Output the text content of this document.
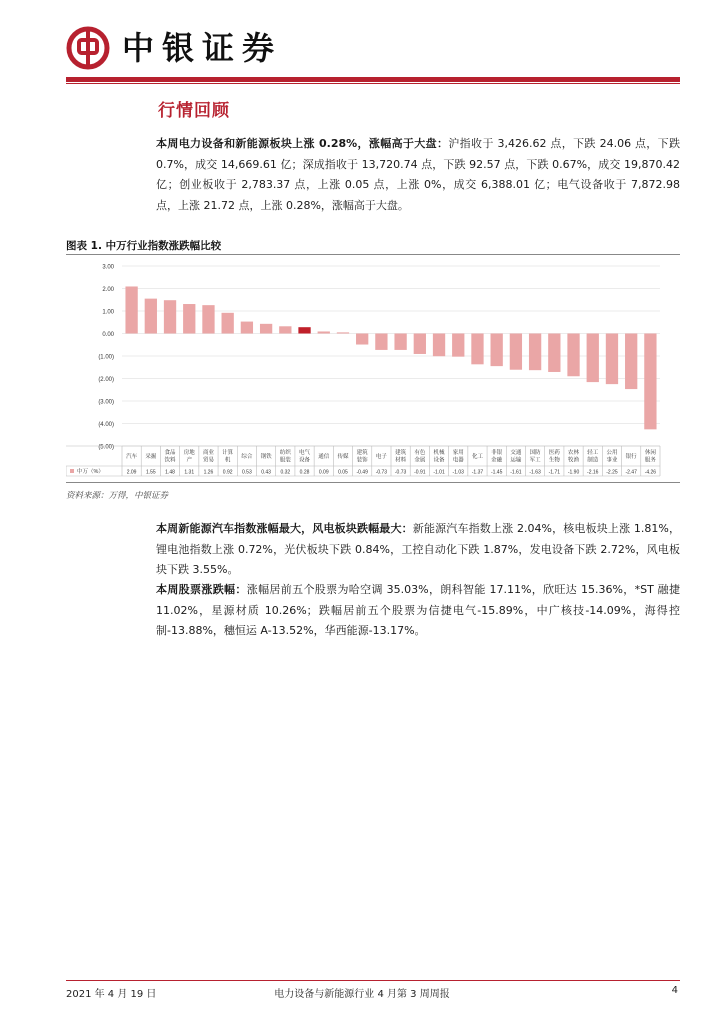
中银证券
行情回顾
本周电力设备和新能源板块上涨 0.28%，涨幅高于大盘：沪指收于 3,426.62 点，下跌 24.06 点，下跌 0.7%，成交 14,669.61 亿；深成指收于 13,720.74 点，下跌 92.57 点，下跌 0.67%，成交 19,870.42 亿；创业板收于 2,783.37 点，上涨 0.05 点，上涨 0%，成交 6,388.01 亿；电气设备收于 7,872.98 点，上涨 21.72 点，上涨 0.28%，涨幅高于大盘。
图表 1. 中万行业指数涨跌幅比较
3.00
2.00
1.00
0.00
(1.00)
(2.00)
(3.00)
(4.00)
(5.00)
中万（%）
汽车
2.09
采掘
1.55
食品饮料
1.48
房地产
1.31
商业贸易
1.26
计算机
0.92
综合
0.53
钢铁
0.43
纺织服装
0.32
电气设备
0.28
通信
0.09
传媒
0.05
建筑装饰
-0.49
电子
-0.73
建筑材料
-0.73
有色金属
-0.91
机械设备
-1.01
家用电器
-1.03
化工
-1.37
非银金融
-1.45
交通运输
-1.61
国防军工
-1.63
医药生物
-1.71
农林牧渔
-1.90
轻工制造
-2.16
公用事业
-2.25
银行
-2.47
休闲服务
-4.26
资料来源：万得，中银证券
本周新能源汽车指数涨幅最大，风电板块跌幅最大：新能源汽车指数上涨 2.04%，核电板块上涨 1.81%，锂电池指数上涨 0.72%，光伏板块下跌 0.84%，工控自动化下跌 1.87%，发电设备下跌 2.72%，风电板块下跌 3.55%。
本周股票涨跌幅：涨幅居前五个股票为哈空调 35.03%，朗科智能 17.11%，欣旺达 15.36%，*ST 融捷 11.02%，星源材质 10.26%；跌幅居前五个股票为信捷电气-15.89%，中广核技-14.09%，海得控制-13.88%，穗恒运 A-13.52%，华西能源-13.17%。
2021 年 4 月 19 日	电力设备与新能源行业 4 月第 3 周周报	4
